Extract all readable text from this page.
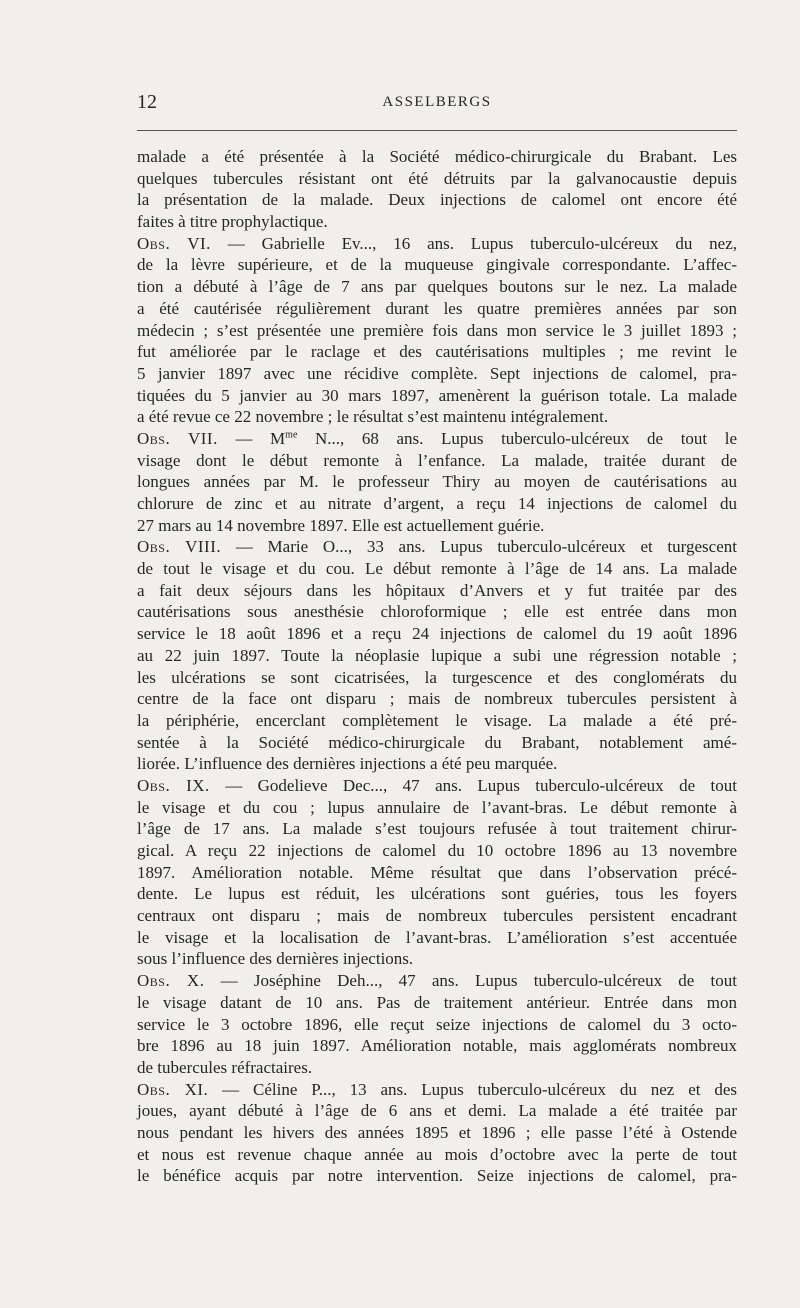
12	ASSELBERGS
malade a été présentée à la Société médico-chirurgicale du Brabant. Les
quelques tubercules résistant ont été détruits par la galvanocaustie depuis
la présentation de la malade. Deux injections de calomel ont encore été
faites à titre prophylactique.
Obs. VI. — Gabrielle Ev..., 16 ans. Lupus tuberculo-ulcéreux du nez,
de la lèvre supérieure, et de la muqueuse gingivale correspondante. L’affec-
tion a débuté à l’âge de 7 ans par quelques boutons sur le nez. La malade
a été cautérisée régulièrement durant les quatre premières années par son
médecin ; s’est présentée une première fois dans mon service le 3 juillet 1893 ;
fut améliorée par le raclage et des cautérisations multiples ; me revint le
5 janvier 1897 avec une récidive complète. Sept injections de calomel, pra-
tiquées du 5 janvier au 30 mars 1897, amenèrent la guérison totale. La malade
a été revue ce 22 novembre ; le résultat s’est maintenu intégralement.
Obs. VII. — $M^{me}$ N..., 68 ans. Lupus tuberculo-ulcéreux de tout le
visage dont le début remonte à l’enfance. La malade, traitée durant de
longues années par M. le professeur Thiry au moyen de cautérisations au
chlorure de zinc et au nitrate d’argent, a reçu 14 injections de calomel du
27 mars au 14 novembre 1897. Elle est actuellement guérie.
Obs. VIII. — Marie O..., 33 ans. Lupus tuberculo-ulcéreux et turgescent
de tout le visage et du cou. Le début remonte à l’âge de 14 ans. La malade
a fait deux séjours dans les hôpitaux d’Anvers et y fut traitée par des
cautérisations sous anesthésie chloroformique ; elle est entrée dans mon
service le 18 août 1896 et a reçu 24 injections de calomel du 19 août 1896
au 22 juin 1897. Toute la néoplasie lupique a subi une régression notable ;
les ulcérations se sont cicatrisées, la turgescence et des conglomérats du
centre de la face ont disparu ; mais de nombreux tubercules persistent à
la périphérie, encerclant complètement le visage. La malade a été pré-
sentée à la Société médico-chirurgicale du Brabant, notablement amé-
liorée. L’influence des dernières injections a été peu marquée.
Obs. IX. — Godelieve Dec..., 47 ans. Lupus tuberculo-ulcéreux de tout
le visage et du cou ; lupus annulaire de l’avant-bras. Le début remonte à
l’âge de 17 ans. La malade s’est toujours refusée à tout traitement chirur-
gical. A reçu 22 injections de calomel du 10 octobre 1896 au 13 novembre
1897. Amélioration notable. Même résultat que dans l’observation précé-
dente. Le lupus est réduit, les ulcérations sont guéries, tous les foyers
centraux ont disparu ; mais de nombreux tubercules persistent encadrant
le visage et la localisation de l’avant-bras. L’amélioration s’est accentuée
sous l’influence des dernières injections.
Obs. X. — Joséphine Deh..., 47 ans. Lupus tuberculo-ulcéreux de tout
le visage datant de 10 ans. Pas de traitement antérieur. Entrée dans mon
service le 3 octobre 1896, elle reçut seize injections de calomel du 3 octo-
bre 1896 au 18 juin 1897. Amélioration notable, mais agglomérats nombreux
de tubercules réfractaires.
Obs. XI. — Céline P..., 13 ans. Lupus tuberculo-ulcéreux du nez et des
joues, ayant débuté à l’âge de 6 ans et demi. La malade a été traitée par
nous pendant les hivers des années 1895 et 1896 ; elle passe l’été à Ostende
et nous est revenue chaque année au mois d’octobre avec la perte de tout
le bénéfice acquis par notre intervention. Seize injections de calomel, pra-
